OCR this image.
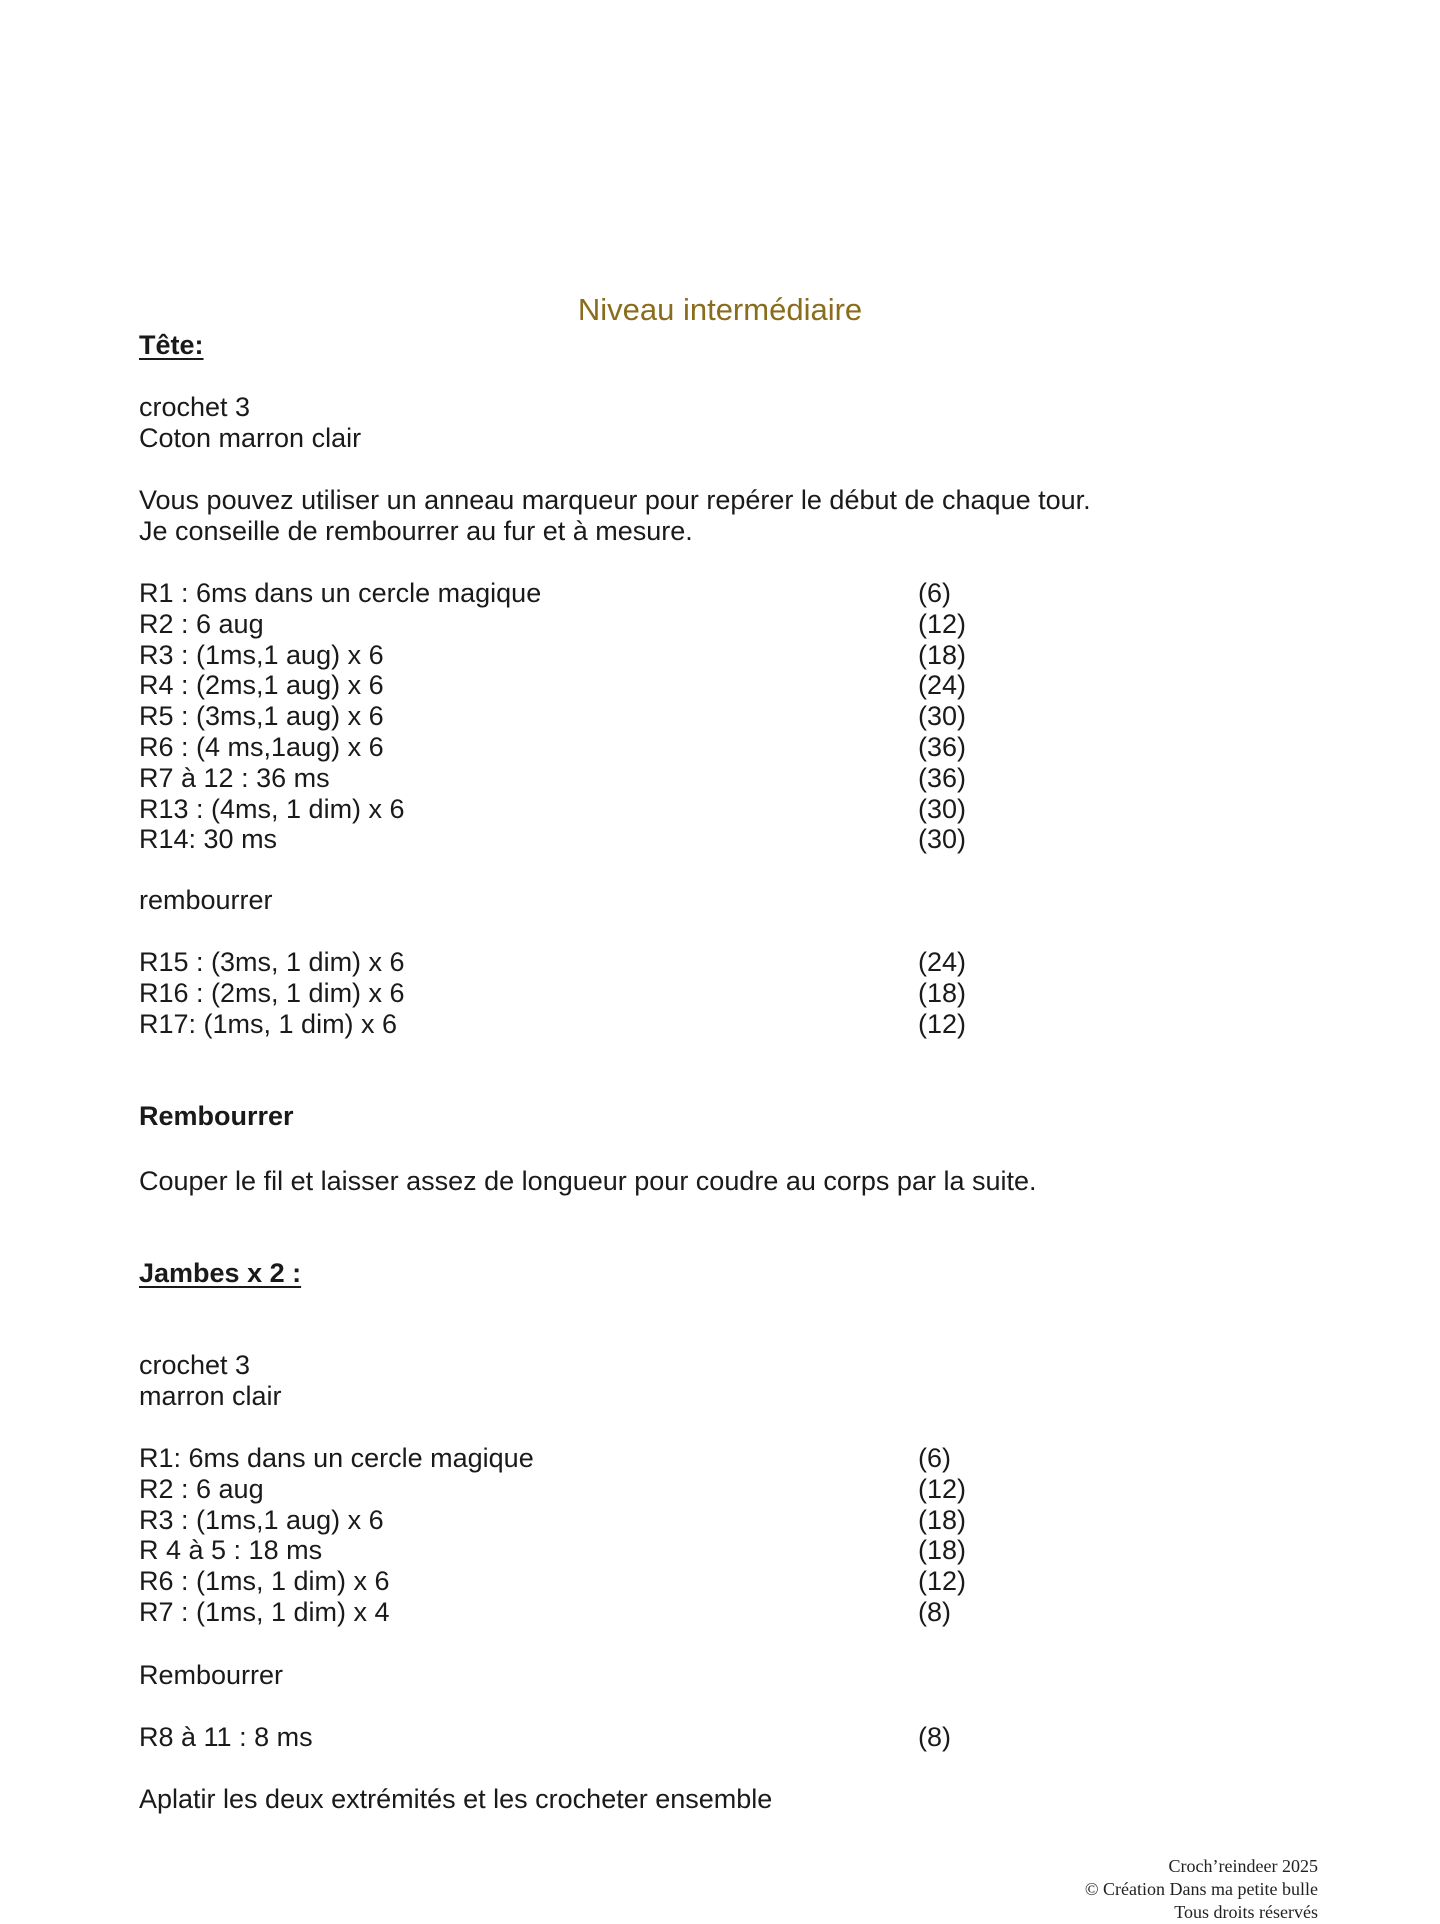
Niveau intermédiaire
Tête:
crochet 3
Coton marron clair
Vous pouvez utiliser un anneau marqueur pour repérer le début de chaque tour.
Je conseille de rembourrer au fur et à mesure.
R1 : 6ms dans un cercle magique	(6)
R2 : 6 aug	(12)
R3 : (1ms,1 aug) x 6	(18)
R4 : (2ms,1 aug) x 6	(24)
R5 : (3ms,1 aug) x 6	(30)
R6 : (4 ms,1aug) x 6	(36)
R7 à 12 : 36 ms	(36)
R13 : (4ms, 1 dim) x 6	(30)
R14: 30 ms	(30)
rembourrer
R15 : (3ms, 1 dim) x 6	(24)
R16 : (2ms, 1 dim) x 6	(18)
R17: (1ms, 1 dim) x 6	(12)
Rembourrer
Couper le fil et laisser assez de longueur pour coudre au corps par la suite.
Jambes x 2 :
crochet 3
marron clair
R1: 6ms dans un cercle magique	(6)
R2 : 6 aug	(12)
R3 : (1ms,1 aug) x 6	(18)
R 4 à 5 : 18 ms	(18)
R6 : (1ms, 1 dim) x 6	(12)
R7 : (1ms, 1 dim) x 4	(8)
Rembourrer
R8 à 11 : 8 ms	(8)
Aplatir les deux extrémités et les crocheter ensemble
Croch’reindeer 2025
© Création Dans ma petite bulle
Tous droits réservés
